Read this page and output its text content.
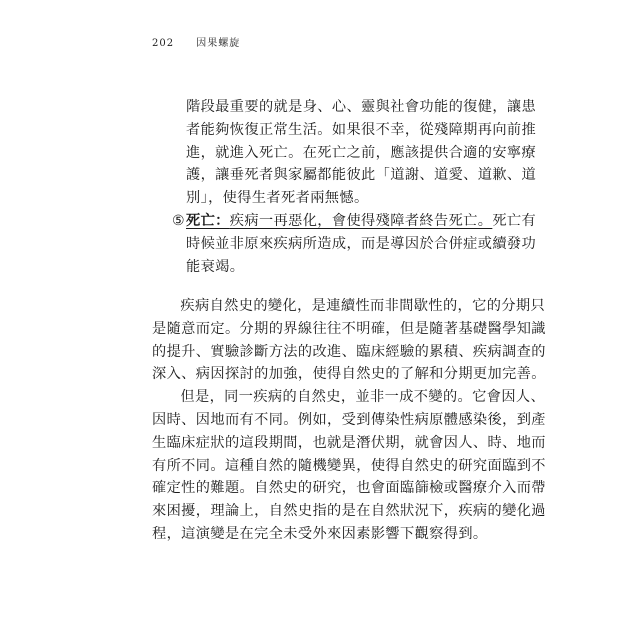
202 因果螺旋
階段最重要的就是身、心、靈與社會功能的復健，讓患
者能夠恢復正常生活。如果很不幸，從殘障期再向前推
進，就進入死亡。在死亡之前，應該提供合適的安寧療
護，讓垂死者與家屬都能彼此「道謝、道愛、道歉、道
別」，使得生者死者兩無憾。
⑤ 死亡：疾病一再惡化，會使得殘障者終告死亡。死亡有
時候並非原來疾病所造成，而是導因於合併症或續發功
能衰竭。
疾病自然史的變化，是連續性而非間歇性的，它的分期只
是隨意而定。分期的界線往往不明確，但是隨著基礎醫學知識
的提升、實驗診斷方法的改進、臨床經驗的累積、疾病調查的
深入、病因探討的加強，使得自然史的了解和分期更加完善。
但是，同一疾病的自然史，並非一成不變的。它會因人、
因時、因地而有不同。例如，受到傳染性病原體感染後，到產
生臨床症狀的這段期間，也就是潛伏期，就會因人、時、地而
有所不同。這種自然的隨機變異，使得自然史的研究面臨到不
確定性的難題。自然史的研究，也會面臨篩檢或醫療介入而帶
來困擾，理論上，自然史指的是在自然狀況下，疾病的變化過
程，這演變是在完全未受外來因素影響下觀察得到。
